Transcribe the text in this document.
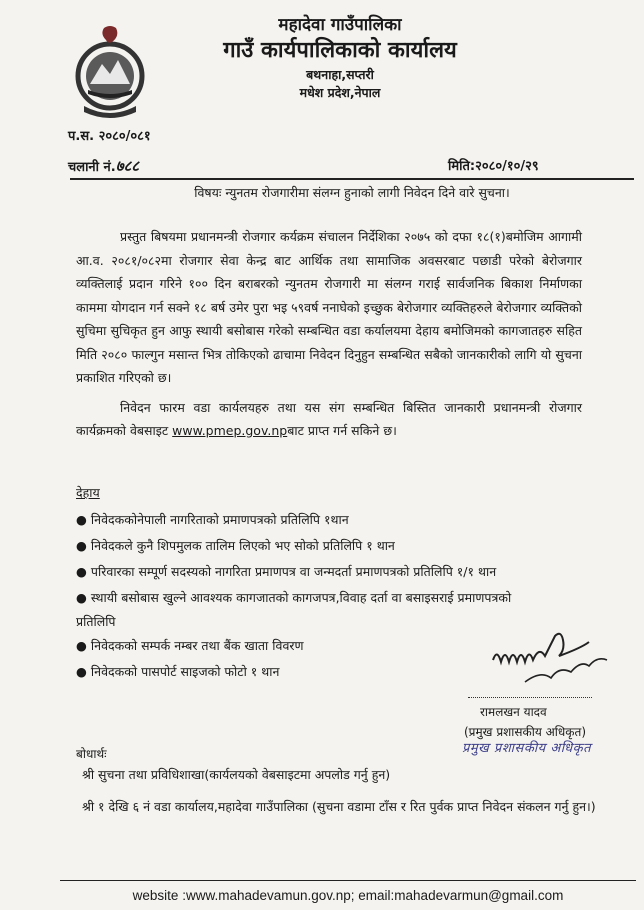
महादेवा गाउँपालिका
गाउँ कार्यपालिकाको कार्यालय
बथनाहा,सप्तरी
मधेश प्रदेश,नेपाल
प.स. २०८०/०८१
चलानी नं.७८८	मिति:२०८०/१०/२९
विषयः न्युनतम रोजगारीमा संलग्न हुनाको लागी निवेदन दिने वारे सुचना।

प्रस्तुत बिषयमा प्रधानमन्त्री रोजगार कर्यक्रम संचालन निर्देशिका २०७५ को दफा १८(१)बमोजिम आगामी आ.व. २०८१/०८२मा रोजगार सेवा केन्द्र बाट आर्थिक तथा सामाजिक अवसरबाट पछाडी परेको बेरोजगार व्यक्तिलाई प्रदान गरिने १०० दिन बराबरको न्युनतम रोजगारी मा संलग्न गराई सार्वजनिक बिकाश निर्माणका काममा योगदान गर्न सक्ने १८ बर्ष उमेर पुरा भइ ५९वर्ष ननाघेको इच्छुक बेरोजगार व्यक्तिहरुले बेरोजगार व्यक्तिको सुचिमा सुचिकृत हुन आफु स्थायी बसोबास गरेको सम्बन्धित वडा कर्यालयमा देहाय बमोजिमको कागजातहरु सहित मिति २०८० फाल्गुन मसान्त भित्र तोकिएको ढाचामा निवेदन दिनुहुन सम्बन्धित सबैको जानकारीको लागि यो सुचना प्रकाशित गरिएको छ।

निवेदन फारम वडा कार्यलयहरु तथा यस संग सम्बन्धित बिस्तित जानकारी प्रधानमन्त्री रोजगार कार्यक्रमको वेबसाइट www.pmep.gov.npबाट प्राप्त गर्न सकिने छ।

देहाय
● निवेदककोनेपाली नागरिताको प्रमाणपत्रको प्रतिलिपि १थान
● निवेदकले कुनै शिपमुलक तालिम लिएको भए सोको प्रतिलिपि १ थान
● परिवारका सम्पूर्ण सदस्यको नागरिता प्रमाणपत्र वा जन्मदर्ता प्रमाणपत्रको प्रतिलिपि १/१ थान
● स्थायी बसोबास खुल्ने आवश्यक कागजातको कागजपत्र,विवाह दर्ता वा बसाइसराई प्रमाणपत्रको
प्रतिलिपि
● निवेदकको सम्पर्क नम्बर तथा बैंक खाता विवरण
● निवेदकको पासपोर्ट साइजको फोटो १ थान
रामलखन यादव
(प्रमुख प्रशासकीय अधिकृत)
प्रमुख प्रशासकीय अधिकृत
बोधार्थः
श्री सुचना तथा प्रविधिशाखा(कार्यलयको वेबसाइटमा अपलोड गर्नु हुन)
श्री १ देखि ६ नं वडा कार्यालय,महादेवा गाउँपालिका (सुचना वडामा टाँस र रित पुर्वक प्राप्त निवेदन संकलन गर्नु हुन।)
website :www.mahadevamun.gov.np; email:mahadevarmun@gmail.com
